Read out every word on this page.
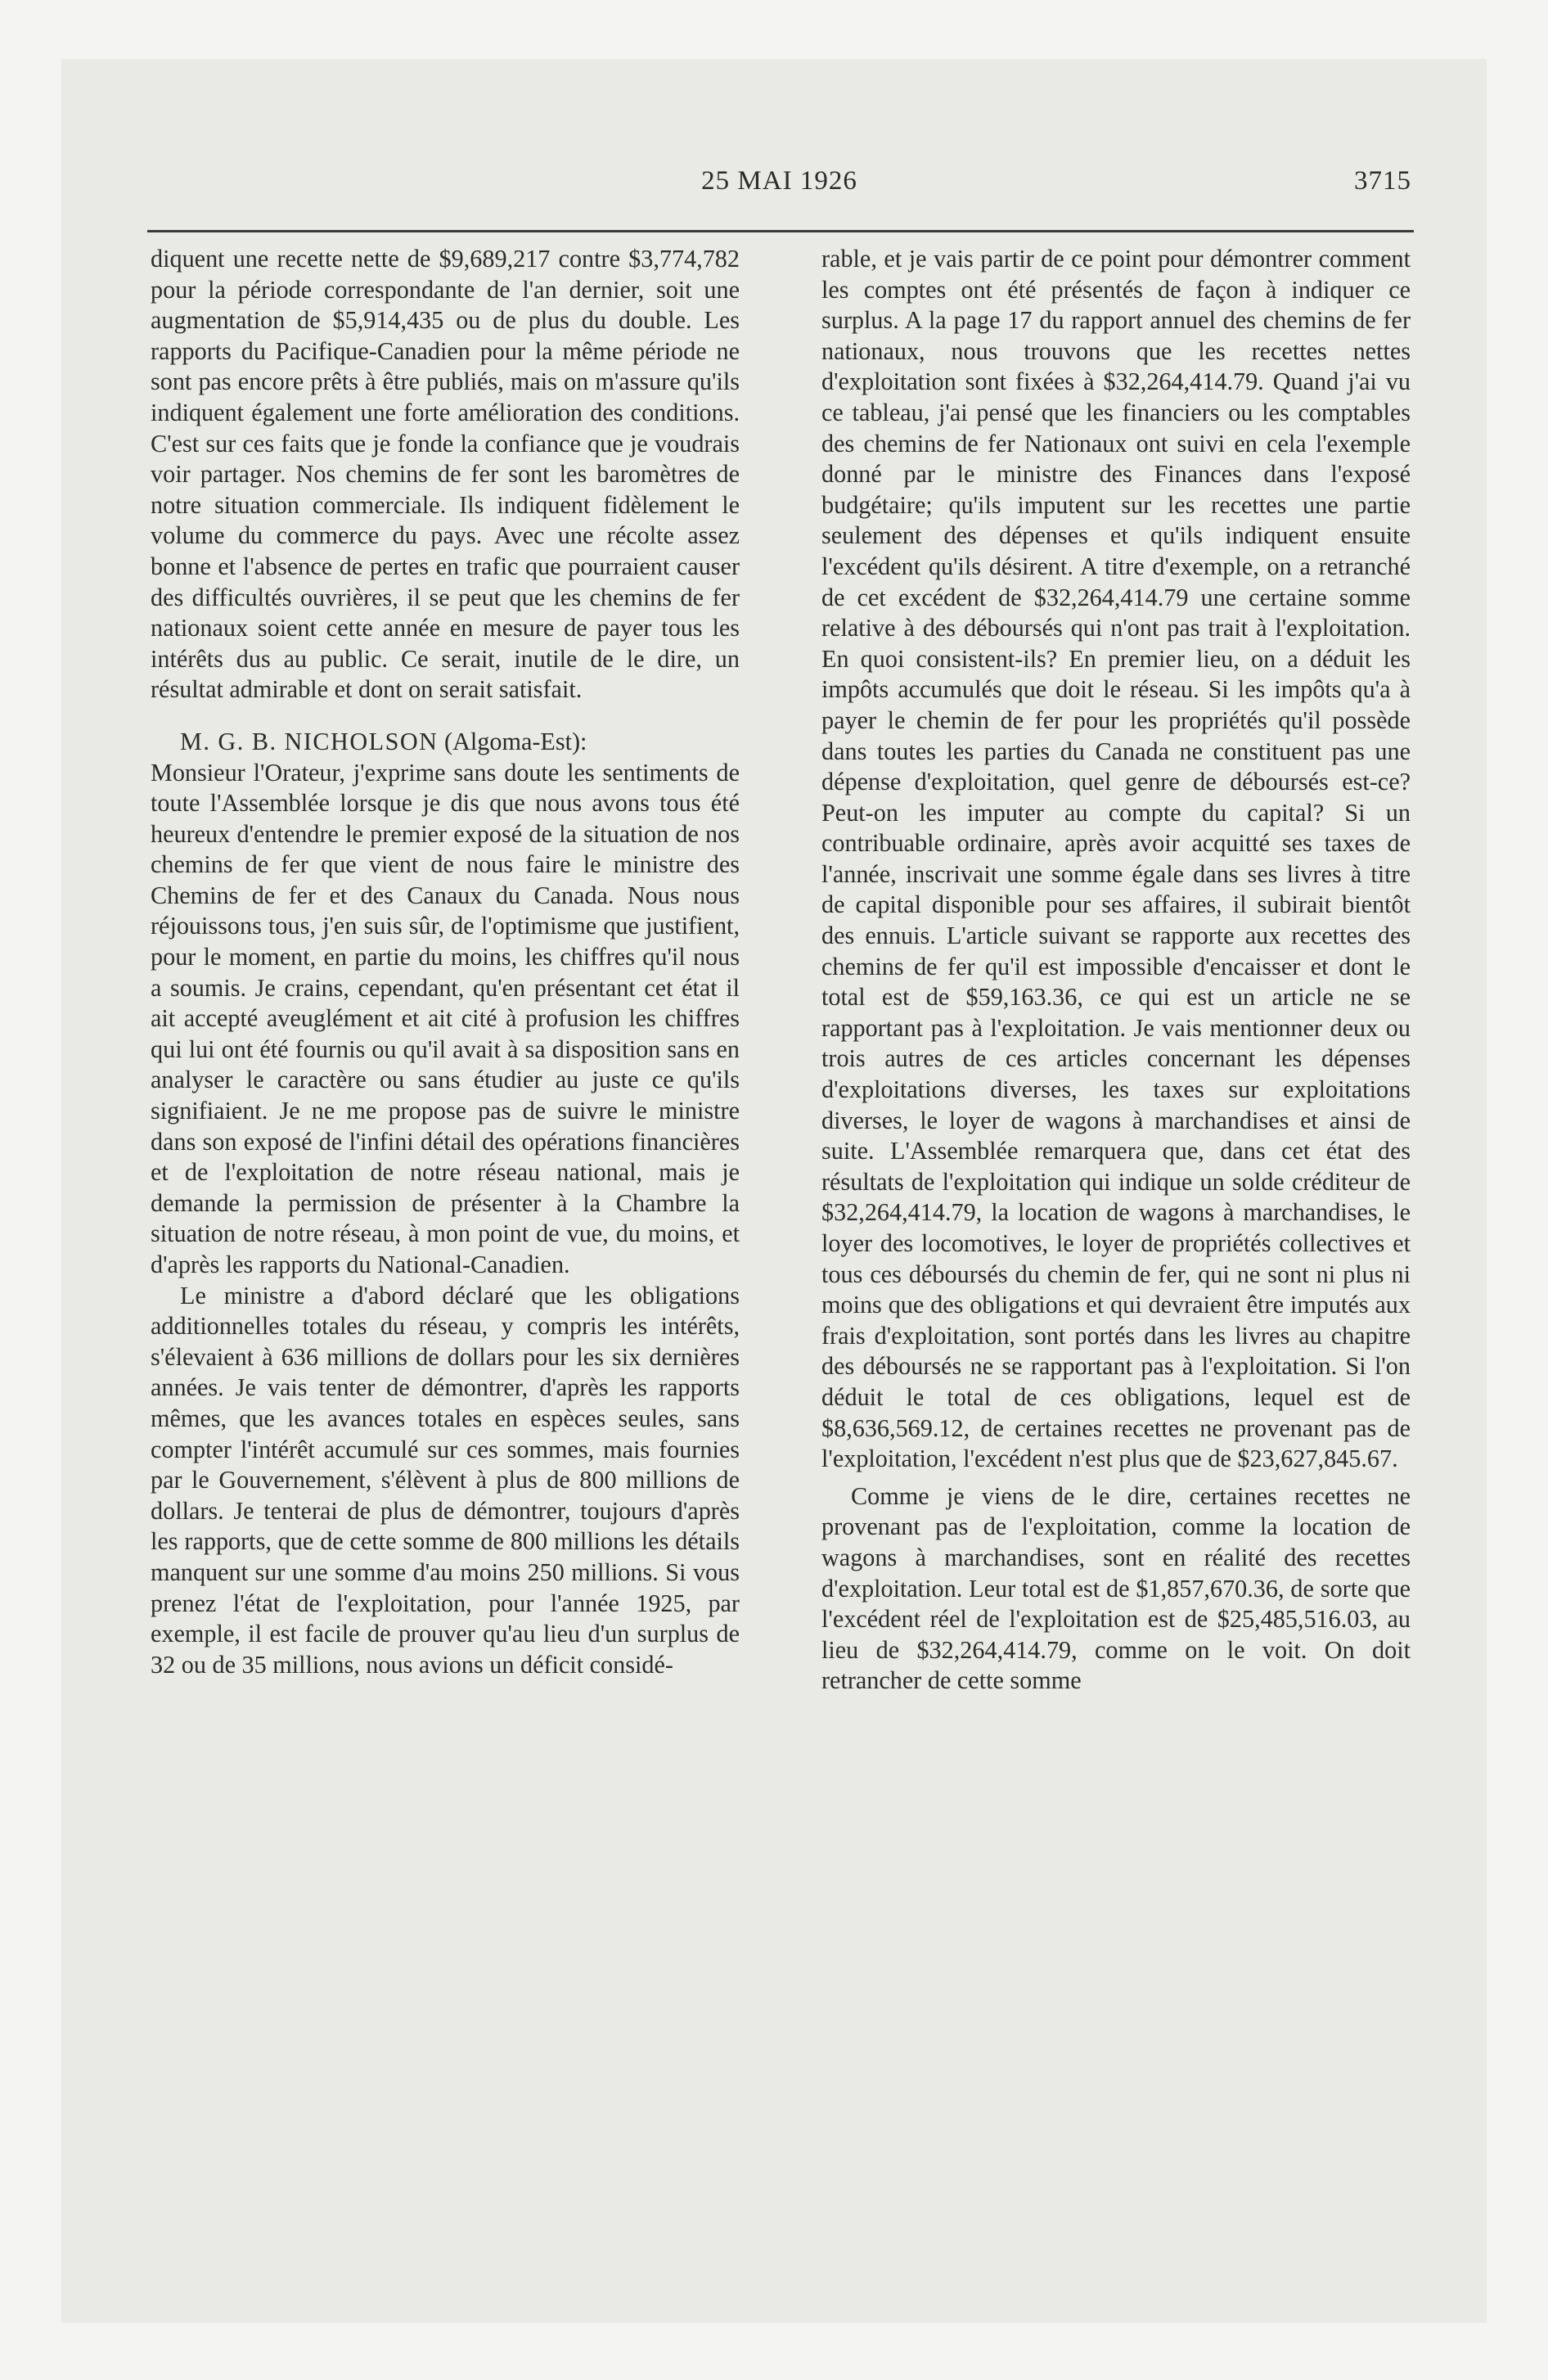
25 MAI 1926	3715

diquent une recette nette de $9,689,217 contre $3,774,782 pour la période correspondante de l'an dernier, soit une augmentation de $5,914,435 ou de plus du double. Les rapports du Pacifique-Canadien pour la même période ne sont pas encore prêts à être publiés, mais on m'assure qu'ils indiquent également une forte amélioration des conditions. C'est sur ces faits que je fonde la confiance que je voudrais voir partager. Nos chemins de fer sont les baromètres de notre situation commerciale. Ils indiquent fidèlement le volume du commerce du pays. Avec une récolte assez bonne et l'absence de pertes en trafic que pourraient causer des difficultés ouvrières, il se peut que les chemins de fer nationaux soient cette année en mesure de payer tous les intérêts dus au public. Ce serait, inutile de le dire, un résultat admirable et dont on serait satisfait.

M. G. B. NICHOLSON (Algoma-Est):

Monsieur l'Orateur, j'exprime sans doute les sentiments de toute l'Assemblée lorsque je dis que nous avons tous été heureux d'entendre le premier exposé de la situation de nos chemins de fer que vient de nous faire le ministre des Chemins de fer et des Canaux du Canada. Nous nous réjouissons tous, j'en suis sûr, de l'optimisme que justifient, pour le moment, en partie du moins, les chiffres qu'il nous a soumis. Je crains, cependant, qu'en présentant cet état il ait accepté aveuglément et ait cité à profusion les chiffres qui lui ont été fournis ou qu'il avait à sa disposition sans en analyser le caractère ou sans étudier au juste ce qu'ils signifiaient. Je ne me propose pas de suivre le ministre dans son exposé de l'infini détail des opérations financières et de l'exploitation de notre réseau national, mais je demande la permission de présenter à la Chambre la situation de notre réseau, à mon point de vue, du moins, et d'après les rapports du National-Canadien.

Le ministre a d'abord déclaré que les obligations additionnelles totales du réseau, y compris les intérêts, s'élevaient à 636 millions de dollars pour les six dernières années. Je vais tenter de démontrer, d'après les rapports mêmes, que les avances totales en espèces seules, sans compter l'intérêt accumulé sur ces sommes, mais fournies par le Gouvernement, s'élèvent à plus de 800 millions de dollars. Je tenterai de plus de démontrer, toujours d'après les rapports, que de cette somme de 800 millions les détails manquent sur une somme d'au moins 250 millions. Si vous prenez l'état de l'exploitation, pour l'année 1925, par exemple, il est facile de prouver qu'au lieu d'un surplus de 32 ou de 35 millions, nous avions un déficit considé-

rable, et je vais partir de ce point pour démontrer comment les comptes ont été présentés de façon à indiquer ce surplus. A la page 17 du rapport annuel des chemins de fer nationaux, nous trouvons que les recettes nettes d'exploitation sont fixées à $32,264,414.79. Quand j'ai vu ce tableau, j'ai pensé que les financiers ou les comptables des chemins de fer Nationaux ont suivi en cela l'exemple donné par le ministre des Finances dans l'exposé budgétaire; qu'ils imputent sur les recettes une partie seulement des dépenses et qu'ils indiquent ensuite l'excédent qu'ils désirent. A titre d'exemple, on a retranché de cet excédent de $32,264,414.79 une certaine somme relative à des déboursés qui n'ont pas trait à l'exploitation. En quoi consistent-ils? En premier lieu, on a déduit les impôts accumulés que doit le réseau. Si les impôts qu'a à payer le chemin de fer pour les propriétés qu'il possède dans toutes les parties du Canada ne constituent pas une dépense d'exploitation, quel genre de déboursés est-ce? Peut-on les imputer au compte du capital? Si un contribuable ordinaire, après avoir acquitté ses taxes de l'année, inscrivait une somme égale dans ses livres à titre de capital disponible pour ses affaires, il subirait bientôt des ennuis. L'article suivant se rapporte aux recettes des chemins de fer qu'il est impossible d'encaisser et dont le total est de $59,163.36, ce qui est un article ne se rapportant pas à l'exploitation. Je vais mentionner deux ou trois autres de ces articles concernant les dépenses d'exploitations diverses, les taxes sur exploitations diverses, le loyer de wagons à marchandises et ainsi de suite. L'Assemblée remarquera que, dans cet état des résultats de l'exploitation qui indique un solde créditeur de $32,264,414.79, la location de wagons à marchandises, le loyer des locomotives, le loyer de propriétés collectives et tous ces déboursés du chemin de fer, qui ne sont ni plus ni moins que des obligations et qui devraient être imputés aux frais d'exploitation, sont portés dans les livres au chapitre des déboursés ne se rapportant pas à l'exploitation. Si l'on déduit le total de ces obligations, lequel est de $8,636,569.12, de certaines recettes ne provenant pas de l'exploitation, l'excédent n'est plus que de $23,627,845.67.

Comme je viens de le dire, certaines recettes ne provenant pas de l'exploitation, comme la location de wagons à marchandises, sont en réalité des recettes d'exploitation. Leur total est de $1,857,670.36, de sorte que l'excédent réel de l'exploitation est de $25,485,516.03, au lieu de $32,264,414.79, comme on le voit. On doit retrancher de cette somme
